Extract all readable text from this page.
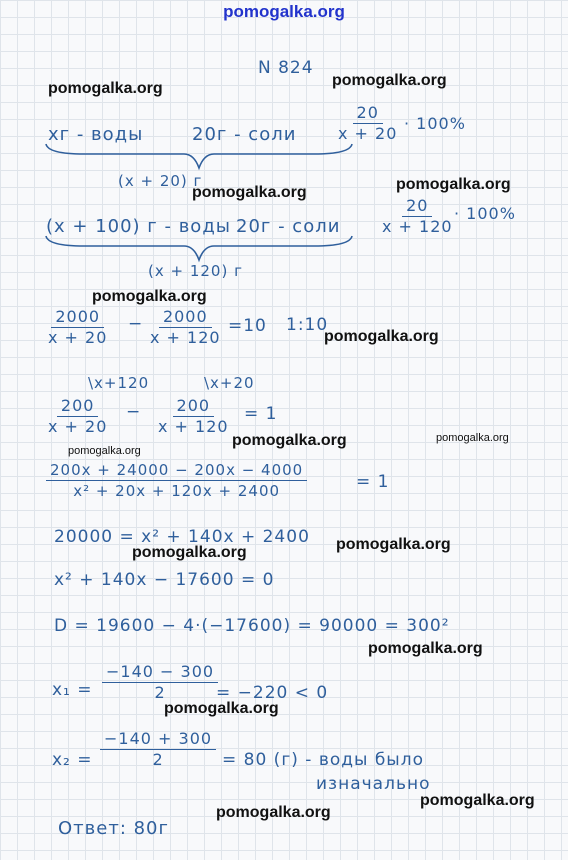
pomogalka.org
N 824
xг - воды	20г - соли
(x + 20) г
$\frac{20}{x + 20} \cdot 100\%$
(x + 100) г - воды 20г - соли
(x + 120) г
$\frac{20}{x + 120}$
· 100%
$\frac{2000}{x + 20} - \frac{2000}{x + 120} =10$ 1:10
\x+120	\x+20
$\frac{200}{x + 20} - \frac{200}{x + 120} = 1$
$\frac{200x + 24000 - 200x - 4000}{\text{x² + 20x + 120x + 2400}}$	= 1
20000 = x² + 140x + 2400
x² + 140x − 17600 = 0
D = 19600 − 4·(−17600) = 90000 = 300²
$x_1 = \frac{-140 - 300}{2}$
= −220 < 0
$x_2 = \frac{-140 + 300}{2} = 80$ (г) - воды было
изначально
Ответ: 80г
pomogalka.org	pomogalka.org
pomogalka.org	pomogalka.org
pomogalka.org
pomogalka.org
pomogalka.org
pomogalka.org
pomogalka.org
pomogalka.org	pomogalka.org
pomogalka.org
pomogalka.org
pomogalka.org
pomogalka.org
